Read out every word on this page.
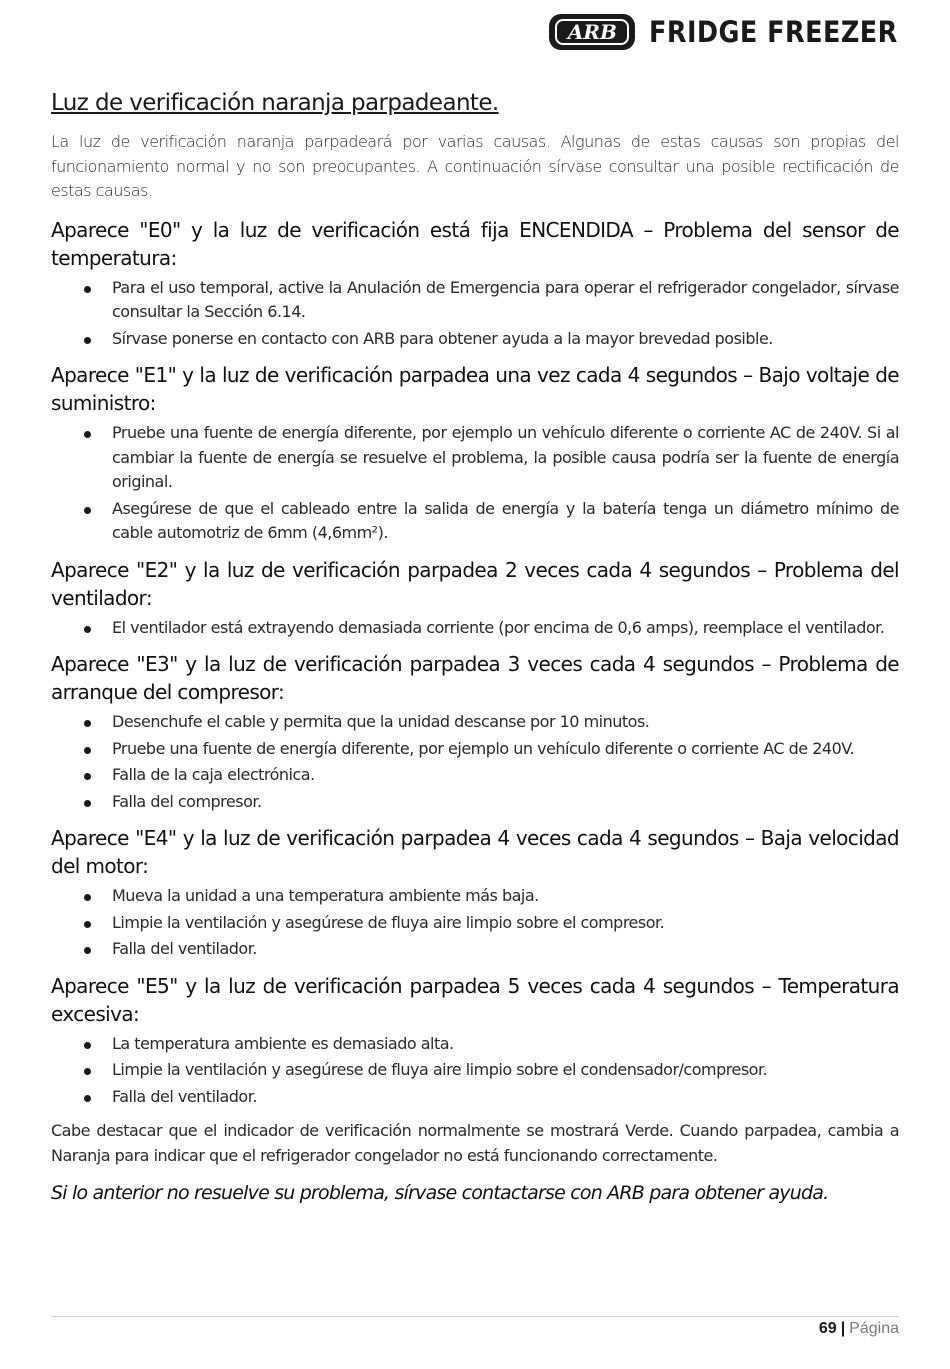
ARB FRIDGE FREEZER
Luz de verificación naranja parpadeante.

La luz de verificación naranja parpadeará por varias causas. Algunas de estas causas son propias del funcionamiento normal y no son preocupantes. A continuación sírvase consultar una posible rectificación de estas causas.

Aparece "E0" y la luz de verificación está fija ENCENDIDA – Problema del sensor de temperatura:
Para el uso temporal, active la Anulación de Emergencia para operar el refrigerador congelador, sírvase consultar la Sección 6.14.
Sírvase ponerse en contacto con ARB para obtener ayuda a la mayor brevedad posible.
Aparece "E1" y la luz de verificación parpadea una vez cada 4 segundos – Bajo voltaje de suministro:
Pruebe una fuente de energía diferente, por ejemplo un vehículo diferente o corriente AC de 240V. Si al cambiar la fuente de energía se resuelve el problema, la posible causa podría ser la fuente de energía original.
Asegúrese de que el cableado entre la salida de energía y la batería tenga un diámetro mínimo de cable automotriz de 6mm (4,6mm²).
Aparece "E2" y la luz de verificación parpadea 2 veces cada 4 segundos – Problema del ventilador:
El ventilador está extrayendo demasiada corriente (por encima de 0,6 amps), reemplace el ventilador.
Aparece "E3" y la luz de verificación parpadea 3 veces cada 4 segundos – Problema de arranque del compresor:
Desenchufe el cable y permita que la unidad descanse por 10 minutos.
Pruebe una fuente de energía diferente, por ejemplo un vehículo diferente o corriente AC de 240V.
Falla de la caja electrónica.
Falla del compresor.
Aparece "E4" y la luz de verificación parpadea 4 veces cada 4 segundos – Baja velocidad del motor:
Mueva la unidad a una temperatura ambiente más baja.
Limpie la ventilación y asegúrese de fluya aire limpio sobre el compresor.
Falla del ventilador.
Aparece "E5" y la luz de verificación parpadea 5 veces cada 4 segundos – Temperatura excesiva:
La temperatura ambiente es demasiado alta.
Limpie la ventilación y asegúrese de fluya aire limpio sobre el condensador/compresor.
Falla del ventilador.

Cabe destacar que el indicador de verificación normalmente se mostrará Verde. Cuando parpadea, cambia a Naranja para indicar que el refrigerador congelador no está funcionando correctamente.

Si lo anterior no resuelve su problema, sírvase contactarse con ARB para obtener ayuda.

69 | Página
